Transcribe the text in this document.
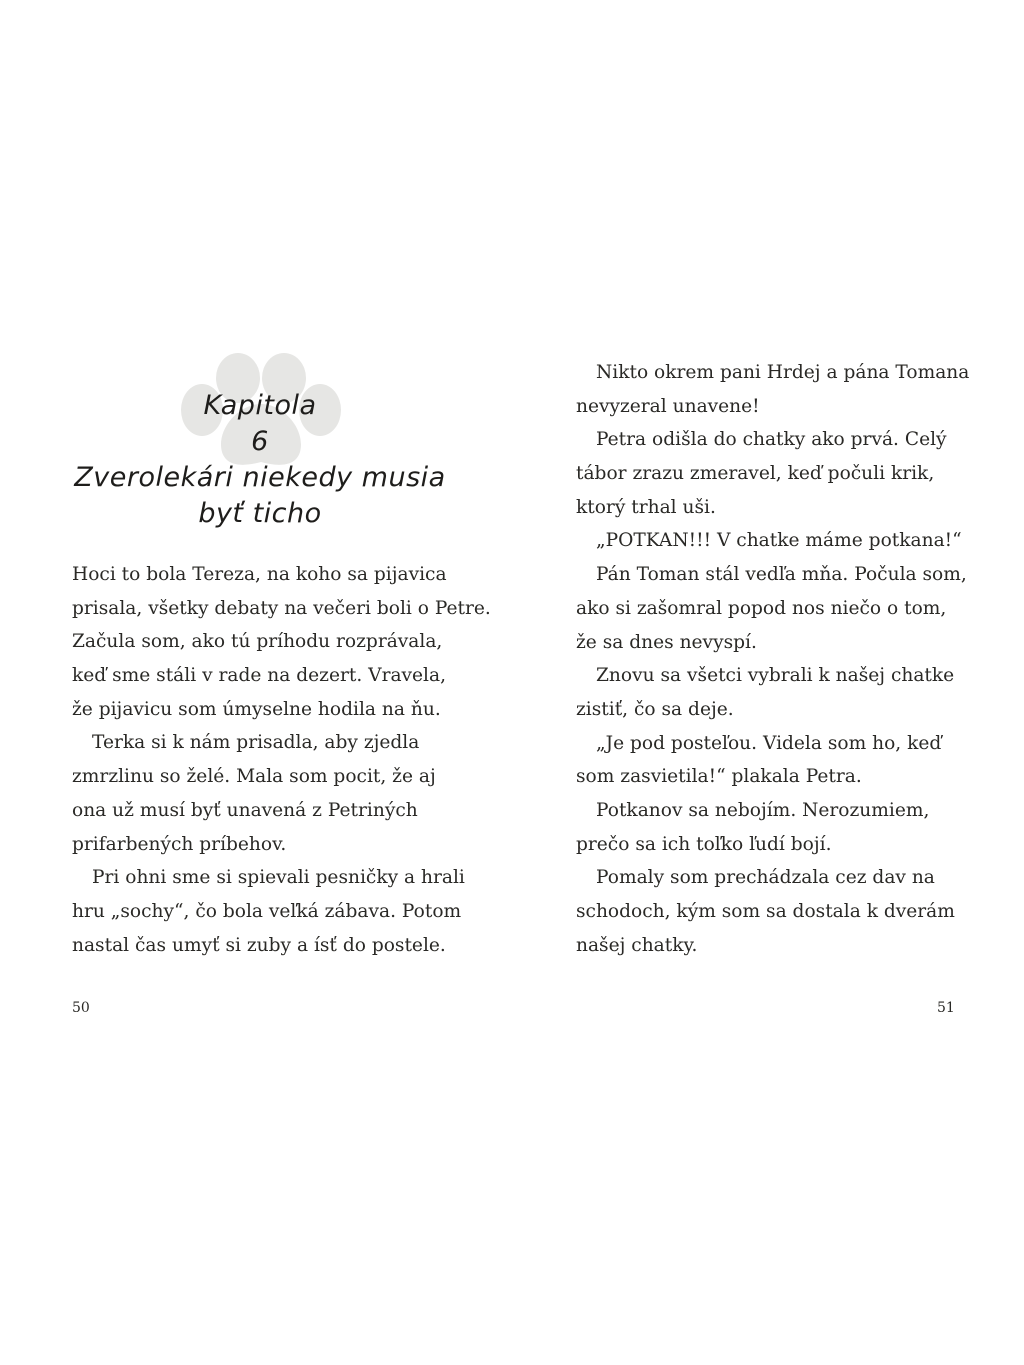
Kapitola
6
Zverolekári niekedy musia
byť ticho
Hoci to bola Tereza, na koho sa pijavica
prisala, všetky debaty na večeri boli o Petre.
Začula som, ako tú príhodu rozprávala,
keď sme stáli v rade na dezert. Vravela,
že pijavicu som úmyselne hodila na ňu.
Terka si k nám prisadla, aby zjedla
zmrzlinu so želé. Mala som pocit, že aj
ona už musí byť unavená z Petriných
prifarbených príbehov.
Pri ohni sme si spievali pesničky a hrali
hru „sochy“, čo bola veľká zábava. Potom
nastal čas umyť si zuby a ísť do postele.
50
Nikto okrem pani Hrdej a pána Tomana
nevyzeral unavene!
Petra odišla do chatky ako prvá. Celý
tábor zrazu zmeravel, keď počuli krik,
ktorý trhal uši.
„POTKAN!!! V chatke máme potkana!“
Pán Toman stál vedľa mňa. Počula som,
ako si zašomral popod nos niečo o tom,
že sa dnes nevyspí.
Znovu sa všetci vybrali k našej chatke
zistiť, čo sa deje.
„Je pod posteľou. Videla som ho, keď
som zasvietila!“ plakala Petra.
Potkanov sa nebojím. Nerozumiem,
prečo sa ich toľko ľudí bojí.
Pomaly som prechádzala cez dav na
schodoch, kým som sa dostala k dverám
našej chatky.
51
